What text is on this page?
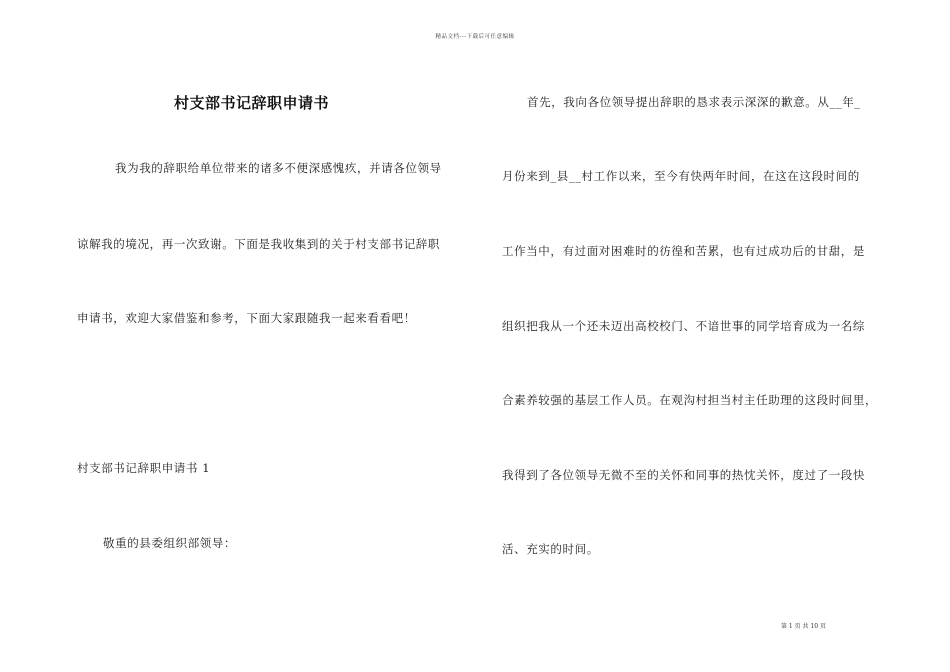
精品文档---下载后可任意编辑
村支部书记辞职申请书
我为我的辞职给单位带来的诸多不便深感愧疚，并请各位领导
谅解我的境况，再一次致谢。下面是我收集到的关于村支部书记辞职
申请书，欢迎大家借鉴和参考，下面大家跟随我一起来看看吧！
村支部书记辞职申请书 1
敬重的县委组织部领导：
首先，我向各位领导提出辞职的恳求表示深深的歉意。从__年_
月份来到_县__村工作以来，至今有快两年时间，在这在这段时间的
工作当中，有过面对困难时的彷徨和苦累，也有过成功后的甘甜，是
组织把我从一个还未迈出高校校门、不谙世事的同学培育成为一名综
合素养较强的基层工作人员。在观沟村担当村主任助理的这段时间里，
我得到了各位领导无微不至的关怀和同事的热忱关怀，度过了一段快
活、充实的时间。
第 1 页 共 10 页
